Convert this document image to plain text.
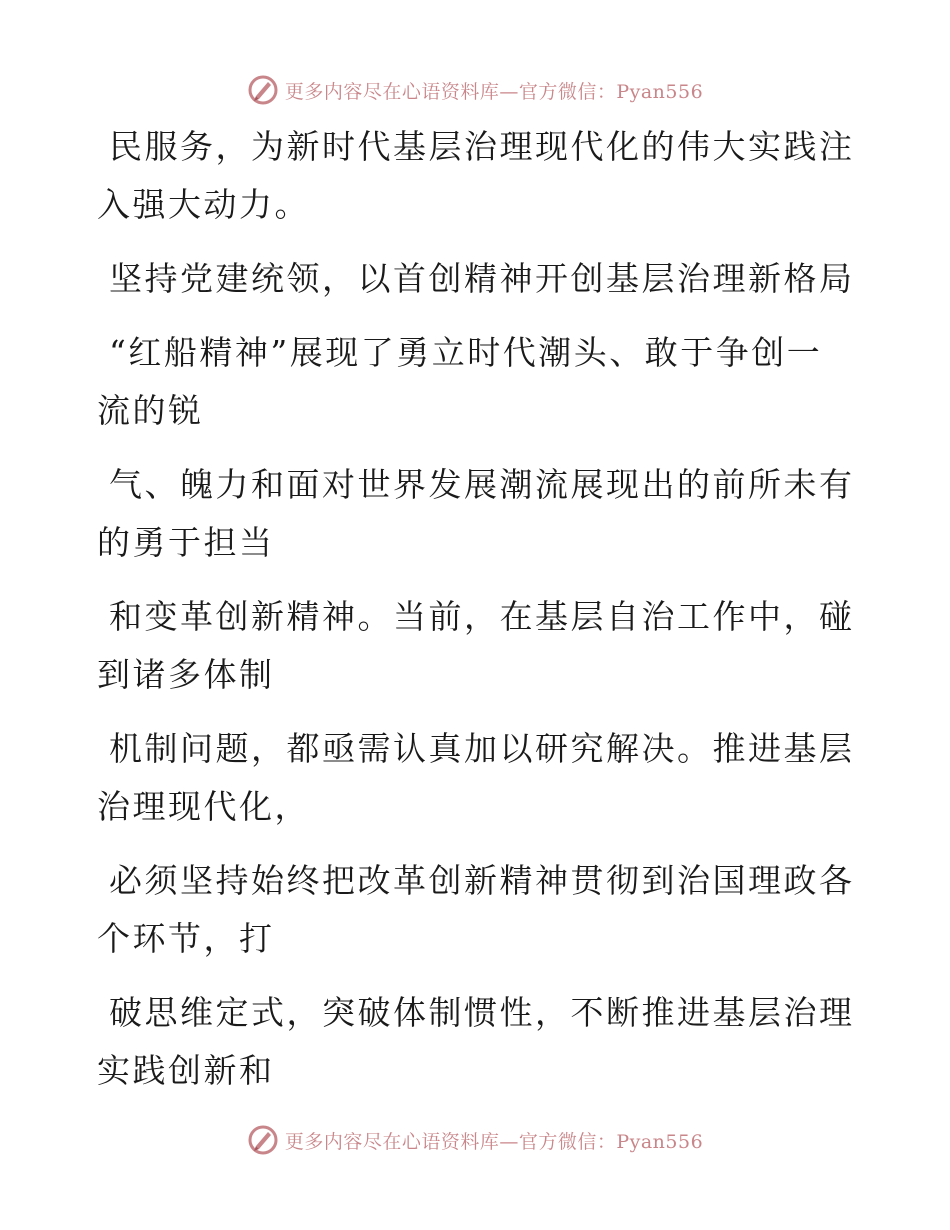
更多内容尽在心语资料库—官方微信：Pyan556

民服务，为新时代基层治理现代化的伟大实践注
入强大动力。

坚持党建统领，以首创精神开创基层治理新格局

“红船精神”展现了勇立时代潮头、敢于争创一
流的锐

气、魄力和面对世界发展潮流展现出的前所未有
的勇于担当

和变革创新精神。当前，在基层自治工作中，碰
到诸多体制

机制问题，都亟需认真加以研究解决。推进基层
治理现代化，

必须坚持始终把改革创新精神贯彻到治国理政各
个环节，打

破思维定式，突破体制惯性，不断推进基层治理
实践创新和

更多内容尽在心语资料库—官方微信：Pyan556
